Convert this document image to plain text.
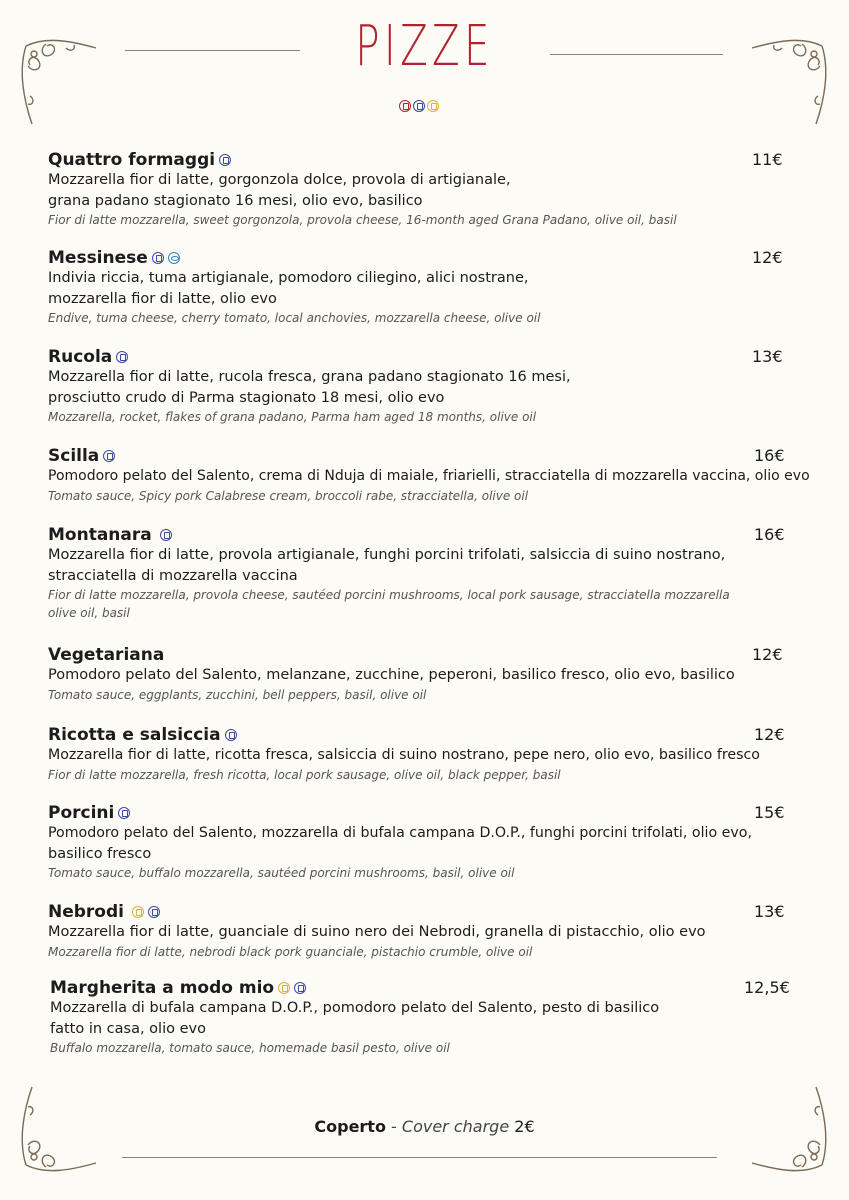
PIZZE
Quattro formaggi	11€
Mozzarella fior di latte, gorgonzola dolce, provola di artigianale,
grana padano stagionato 16 mesi, olio evo, basilico
Fior di latte mozzarella, sweet gorgonzola, provola cheese, 16-month aged Grana Padano, olive oil, basil
Messinese	12€
Indivia riccia, tuma artigianale, pomodoro ciliegino, alici nostrane,
mozzarella fior di latte, olio evo
Endive, tuma cheese, cherry tomato, local anchovies, mozzarella cheese, olive oil
Rucola	13€
Mozzarella fior di latte, rucola fresca, grana padano stagionato 16 mesi,
prosciutto crudo di Parma stagionato 18 mesi, olio evo
Mozzarella, rocket, flakes of grana padano, Parma ham aged 18 months, olive oil
Scilla	16€
Pomodoro pelato del Salento, crema di Nduja di maiale, friarielli, stracciatella di mozzarella vaccina, olio evo
Tomato sauce, Spicy pork Calabrese cream, broccoli rabe, stracciatella, olive oil
Montanara	16€
Mozzarella fior di latte, provola artigianale, funghi porcini trifolati, salsiccia di suino nostrano,
stracciatella di mozzarella vaccina
Fior di latte mozzarella, provola cheese, sautéed porcini mushrooms, local pork sausage, stracciatella mozzarella
olive oil, basil
Vegetariana	12€
Pomodoro pelato del Salento, melanzane, zucchine, peperoni, basilico fresco, olio evo, basilico
Tomato sauce, eggplants, zucchini, bell peppers, basil, olive oil
Ricotta e salsiccia	12€
Mozzarella fior di latte, ricotta fresca, salsiccia di suino nostrano, pepe nero, olio evo, basilico fresco
Fior di latte mozzarella, fresh ricotta, local pork sausage, olive oil, black pepper, basil
Porcini	15€
Pomodoro pelato del Salento, mozzarella di bufala campana D.O.P., funghi porcini trifolati, olio evo,
basilico fresco
Tomato sauce, buffalo mozzarella, sautéed porcini mushrooms, basil, olive oil
Nebrodi	13€
Mozzarella fior di latte, guanciale di suino nero dei Nebrodi, granella di pistacchio, olio evo
Mozzarella fior di latte, nebrodi black pork guanciale, pistachio crumble, olive oil
Margherita a modo mio	12,5€
Mozzarella di bufala campana D.O.P., pomodoro pelato del Salento, pesto di basilico
fatto in casa, olio evo
Buffalo mozzarella, tomato sauce, homemade basil pesto, olive oil
Coperto - Cover charge 2€
